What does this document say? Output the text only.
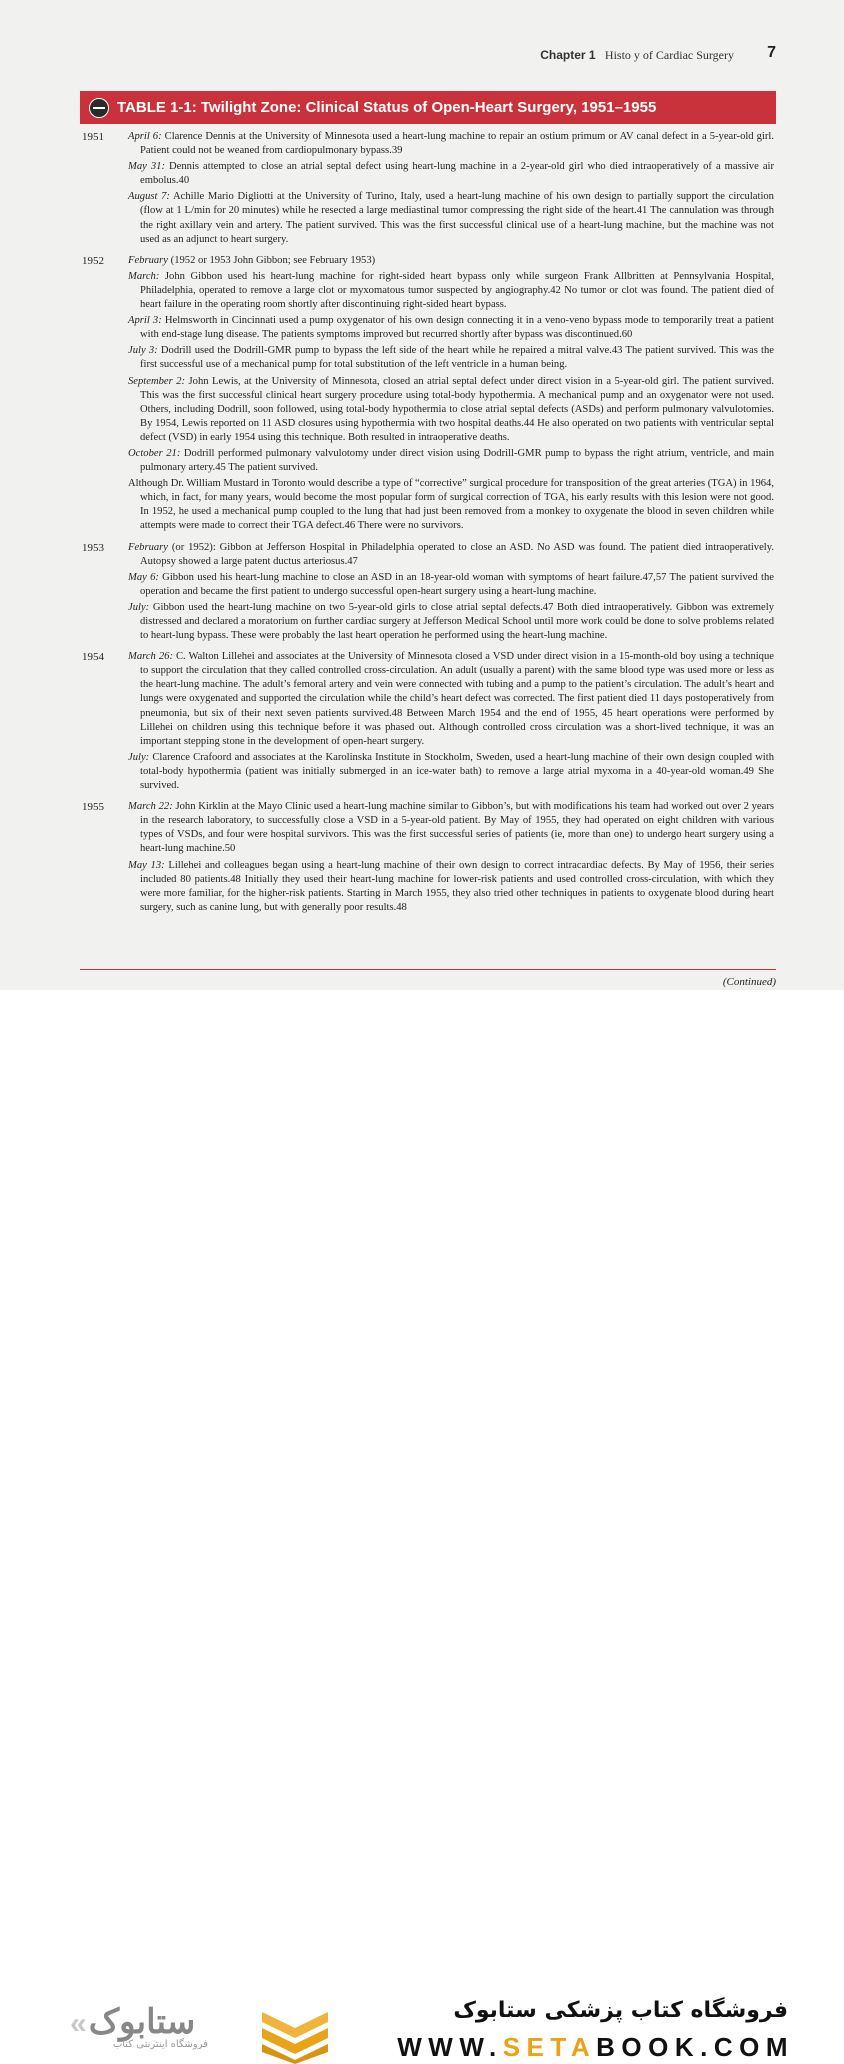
Chapter 1 Histo y of Cardiac Surgery 7
TABLE 1-1: Twilight Zone: Clinical Status of Open-Heart Surgery, 1951–1955
1951	April 6: Clarence Dennis at the University of Minnesota used a heart-lung machine to repair an ostium primum or AV canal defect in a 5-year-old girl. Patient could not be weaned from cardiopulmonary bypass.39
May 31: Dennis attempted to close an atrial septal defect using heart-lung machine in a 2-year-old girl who died intraoperatively of a massive air embolus.40
August 7: Achille Mario Digliotti at the University of Turino, Italy, used a heart-lung machine of his own design to partially support the circulation (flow at 1 L/min for 20 minutes) while he resected a large mediastinal tumor compressing the right side of the heart.41 The cannulation was through the right axillary vein and artery. The patient survived. This was the first successful clinical use of a heart-lung machine, but the machine was not used as an adjunct to heart surgery.
1952	February (1952 or 1953 John Gibbon; see February 1953)
March: John Gibbon used his heart-lung machine for right-sided heart bypass only while surgeon Frank Allbritten at Pennsylvania Hospital, Philadelphia, operated to remove a large clot or myxomatous tumor suspected by angiography.42 No tumor or clot was found. The patient died of heart failure in the operating room shortly after discontinuing right-sided heart bypass.
April 3: Helmsworth in Cincinnati used a pump oxygenator of his own design connecting it in a veno-veno bypass mode to temporarily treat a patient with end-stage lung disease. The patients symptoms improved but recurred shortly after bypass was discontinued.60
July 3: Dodrill used the Dodrill-GMR pump to bypass the left side of the heart while he repaired a mitral valve.43 The patient survived. This was the first successful use of a mechanical pump for total substitution of the left ventricle in a human being.
September 2: John Lewis, at the University of Minnesota, closed an atrial septal defect under direct vision in a 5-year-old girl. The patient survived. This was the first successful clinical heart surgery procedure using total-body hypothermia. A mechanical pump and an oxygenator were not used. Others, including Dodrill, soon followed, using total-body hypothermia to close atrial septal defects (ASDs) and perform pulmonary valvulotomies. By 1954, Lewis reported on 11 ASD closures using hypothermia with two hospital deaths.44 He also operated on two patients with ventricular septal defect (VSD) in early 1954 using this technique. Both resulted in intraoperative deaths.
October 21: Dodrill performed pulmonary valvulotomy under direct vision using Dodrill-GMR pump to bypass the right atrium, ventricle, and main pulmonary artery.45 The patient survived.
Although Dr. William Mustard in Toronto would describe a type of “corrective” surgical procedure for transposition of the great arteries (TGA) in 1964, which, in fact, for many years, would become the most popular form of surgical correction of TGA, his early results with this lesion were not good. In 1952, he used a mechanical pump coupled to the lung that had just been removed from a monkey to oxygenate the blood in seven children while attempts were made to correct their TGA defect.46 There were no survivors.
1953	February (or 1952): Gibbon at Jefferson Hospital in Philadelphia operated to close an ASD. No ASD was found. The patient died intraoperatively. Autopsy showed a large patent ductus arteriosus.47
May 6: Gibbon used his heart-lung machine to close an ASD in an 18-year-old woman with symptoms of heart failure.47,57 The patient survived the operation and became the first patient to undergo successful open-heart surgery using a heart-lung machine.
July: Gibbon used the heart-lung machine on two 5-year-old girls to close atrial septal defects.47 Both died intraoperatively. Gibbon was extremely distressed and declared a moratorium on further cardiac surgery at Jefferson Medical School until more work could be done to solve problems related to heart-lung bypass. These were probably the last heart operation he performed using the heart-lung machine.
1954	March 26: C. Walton Lillehei and associates at the University of Minnesota closed a VSD under direct vision in a 15-month-old boy using a technique to support the circulation that they called controlled cross-circulation. An adult (usually a parent) with the same blood type was used more or less as the heart-lung machine. The adult’s femoral artery and vein were connected with tubing and a pump to the patient’s circulation. The adult’s heart and lungs were oxygenated and supported the circulation while the child’s heart defect was corrected. The first patient died 11 days postoperatively from pneumonia, but six of their next seven patients survived.48 Between March 1954 and the end of 1955, 45 heart operations were performed by Lillehei on children using this technique before it was phased out. Although controlled cross circulation was a short-lived technique, it was an important stepping stone in the development of open-heart surgery.
July: Clarence Crafoord and associates at the Karolinska Institute in Stockholm, Sweden, used a heart-lung machine of their own design coupled with total-body hypothermia (patient was initially submerged in an ice-water bath) to remove a large atrial myxoma in a 40-year-old woman.49 She survived.
1955	March 22: John Kirklin at the Mayo Clinic used a heart-lung machine similar to Gibbon’s, but with modifications his team had worked out over 2 years in the research laboratory, to successfully close a VSD in a 5-year-old patient. By May of 1955, they had operated on eight children with various types of VSDs, and four were hospital survivors. This was the first successful series of patients (ie, more than one) to undergo heart surgery using a heart-lung machine.50
May 13: Lillehei and colleagues began using a heart-lung machine of their own design to correct intracardiac defects. By May of 1956, their series included 80 patients.48 Initially they used their heart-lung machine for lower-risk patients and used controlled cross-circulation, with which they were more familiar, for the higher-risk patients. Starting in March 1955, they also tried other techniques in patients to oxygenate blood during heart surgery, such as canine lung, but with generally poor results.48
(Continued)
«ستابوک
فروشگاه اینترنتی کتاب
فروشگاه کتاب پزشکی ستابوک
WWW.SETABOOK.COM
